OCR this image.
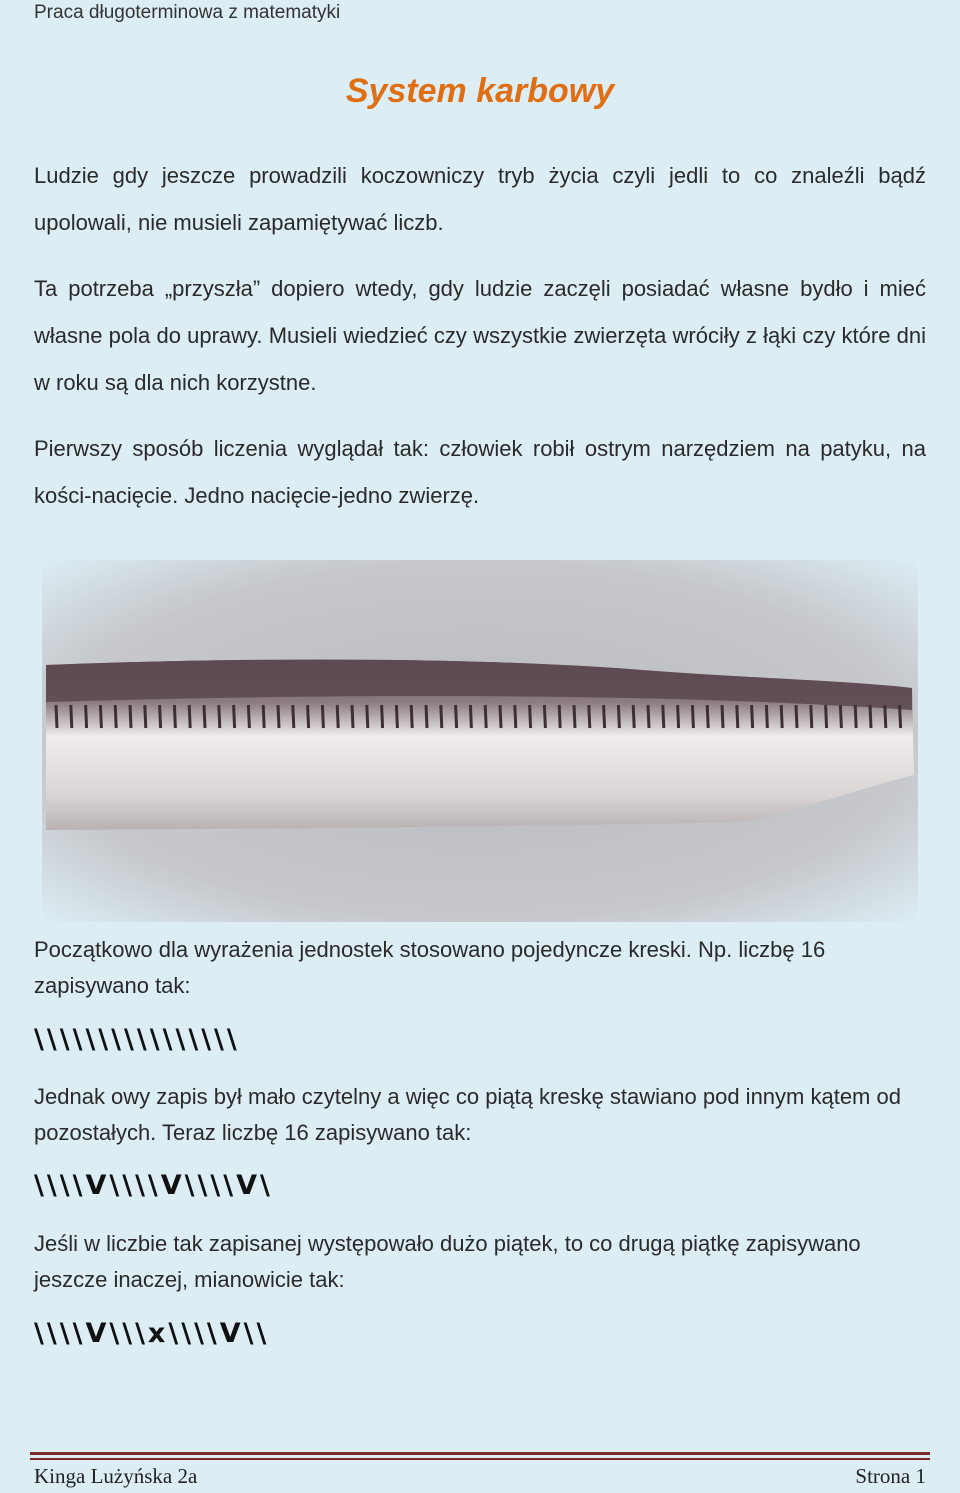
Praca długoterminowa z matematyki
System karbowy
Ludzie gdy jeszcze prowadzili koczowniczy tryb życia czyli jedli to co znaleźli bądź upolowali, nie musieli zapamiętywać liczb.
Ta potrzeba „przyszła” dopiero wtedy, gdy ludzie zaczęli posiadać własne bydło i mieć własne pola do uprawy. Musieli wiedzieć czy wszystkie zwierzęta wróciły z łąki czy które dni w roku są dla nich korzystne.
Pierwszy sposób liczenia wyglądał tak: człowiek robił ostrym narzędziem na patyku, na kości-nacięcie. Jedno nacięcie-jedno zwierzę.
Początkowo dla wyrażenia jednostek stosowano pojedyncze kreski. Np. liczbę 16 zapisywano tak:
\\\\\\\\\\\\\\\\
Jednak owy zapis był mało czytelny a więc co piątą kreskę stawiano pod innym kątem od pozostałych. Teraz liczbę 16 zapisywano tak:
\\\\V\\\\V\\\\V\
Jeśli w liczbie tak zapisanej występowało dużo piątek, to co drugą piątkę zapisywano jeszcze inaczej, mianowicie tak:
\\\\V\\\x\\\\V\\
Kinga Lużyńska 2a	Strona 1
